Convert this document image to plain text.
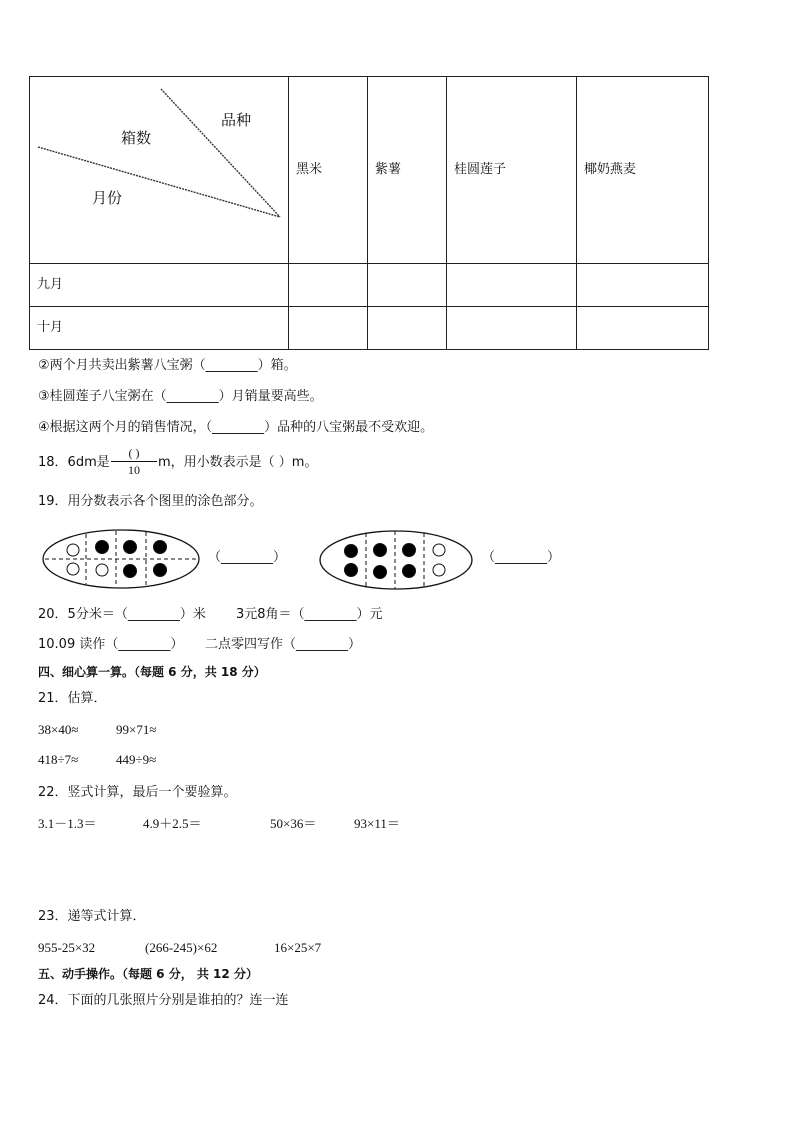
品种
箱数
月份	黑米	紫薯	桂圆莲子	椰奶燕麦
九月				
十月				
②两个月共卖出紫薯八宝粥（________）箱。
③桂圆莲子八宝粥在（________）月销量要高些。
④根据这两个月的销售情况，（________）品种的八宝粥最不受欢迎。
18．6dm是
( )
10	m，用小数表示是（ ）m。
19．用分数表示各个图里的涂色部分。
（________）	（________）
20．5分米＝（________）米 3元8角＝（________）元
10.09 读作（________） 二点零四写作（________）
四、细心算一算。（每题 6 分，共 18 分）
21．估算．
38×40≈	99×71≈
418÷7≈	449÷9≈
22．竖式计算，最后一个要验算。
3.1－1.3＝	4.9＋2.5＝	50×36＝	93×11＝
23．递等式计算．
955-25×32	(266-245)×62	16×25×7
五、动手操作。（每题 6 分， 共 12 分）
24．下面的几张照片分别是谁拍的？连一连
